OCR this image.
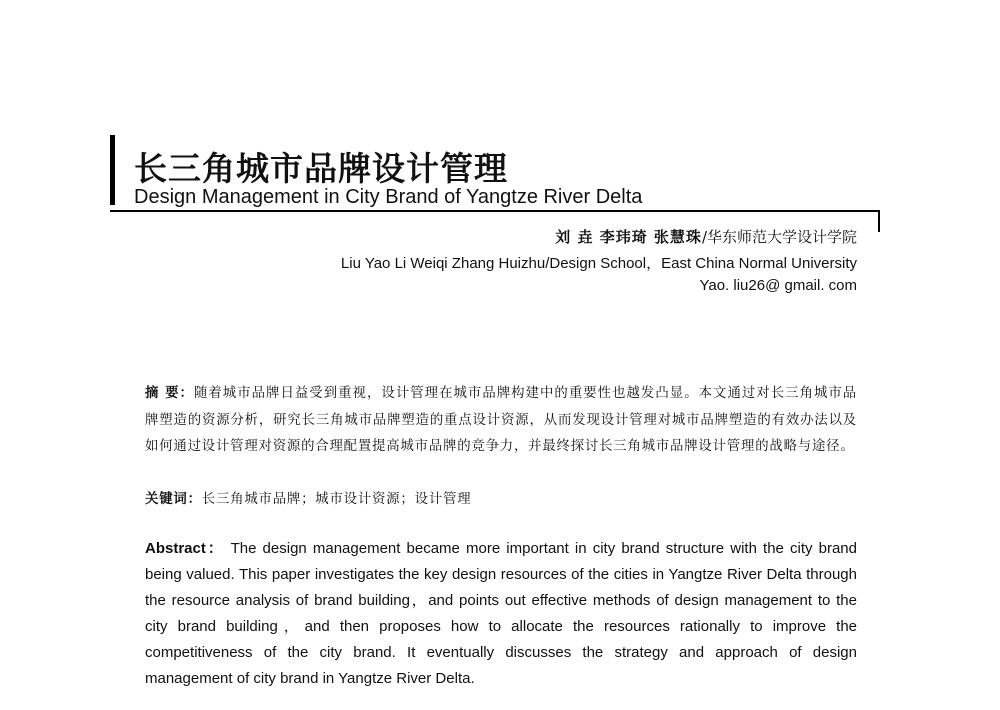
长三角城市品牌设计管理
Design Management in City Brand of Yangtze River Delta
刘 垚 李玮琦 张慧珠/华东师范大学设计学院
Liu Yao Li Weiqi Zhang Huizhu/Design School，East China Normal University
Yao. liu26@ gmail. com
摘 要：随着城市品牌日益受到重视，设计管理在城市品牌构建中的重要性也越发凸显。本文通过对长三角城市品牌塑造的资源分析，研究长三角城市品牌塑造的重点设计资源，从而发现设计管理对城市品牌塑造的有效办法以及如何通过设计管理对资源的合理配置提高城市品牌的竞争力，并最终探讨长三角城市品牌设计管理的战略与途径。
关键词：长三角城市品牌；城市设计资源；设计管理
Abstract： The design management became more important in city brand structure with the city brand being valued. This paper investigates the key design resources of the cities in Yangtze River Delta through the resource analysis of brand building，and points out effective methods of design management to the city brand building，and then proposes how to allocate the resources rationally to improve the competitiveness of the city brand. It eventually discusses the strategy and approach of design management of city brand in Yangtze River Delta.
